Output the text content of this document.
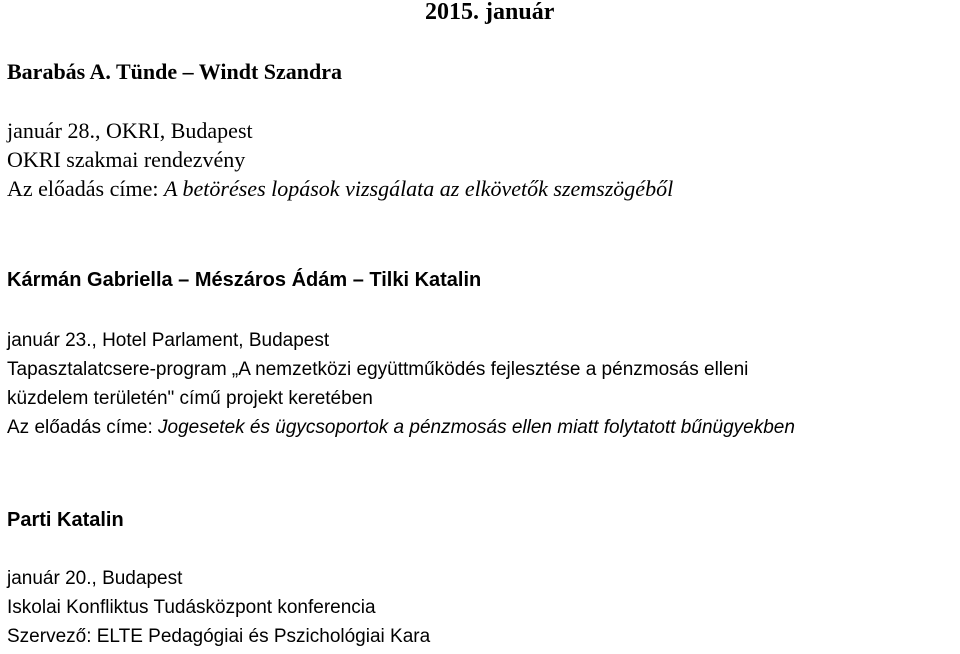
2015. január
Barabás A. Tünde – Windt Szandra
január 28., OKRI, Budapest
OKRI szakmai rendezvény
Az előadás címe: A betöréses lopások vizsgálata az elkövetők szemszögéből
Kármán Gabriella – Mészáros Ádám – Tilki Katalin
január 23., Hotel Parlament, Budapest
Tapasztalatcsere-program „A nemzetközi együttműködés fejlesztése a pénzmosás elleni
küzdelem területén" című projekt keretében
Az előadás címe: Jogesetek és ügycsoportok a pénzmosás ellen miatt folytatott bűnügyekben
Parti Katalin
január 20., Budapest
Iskolai Konfliktus Tudásközpont konferencia
Szervező: ELTE Pedagógiai és Pszichológiai Kara
